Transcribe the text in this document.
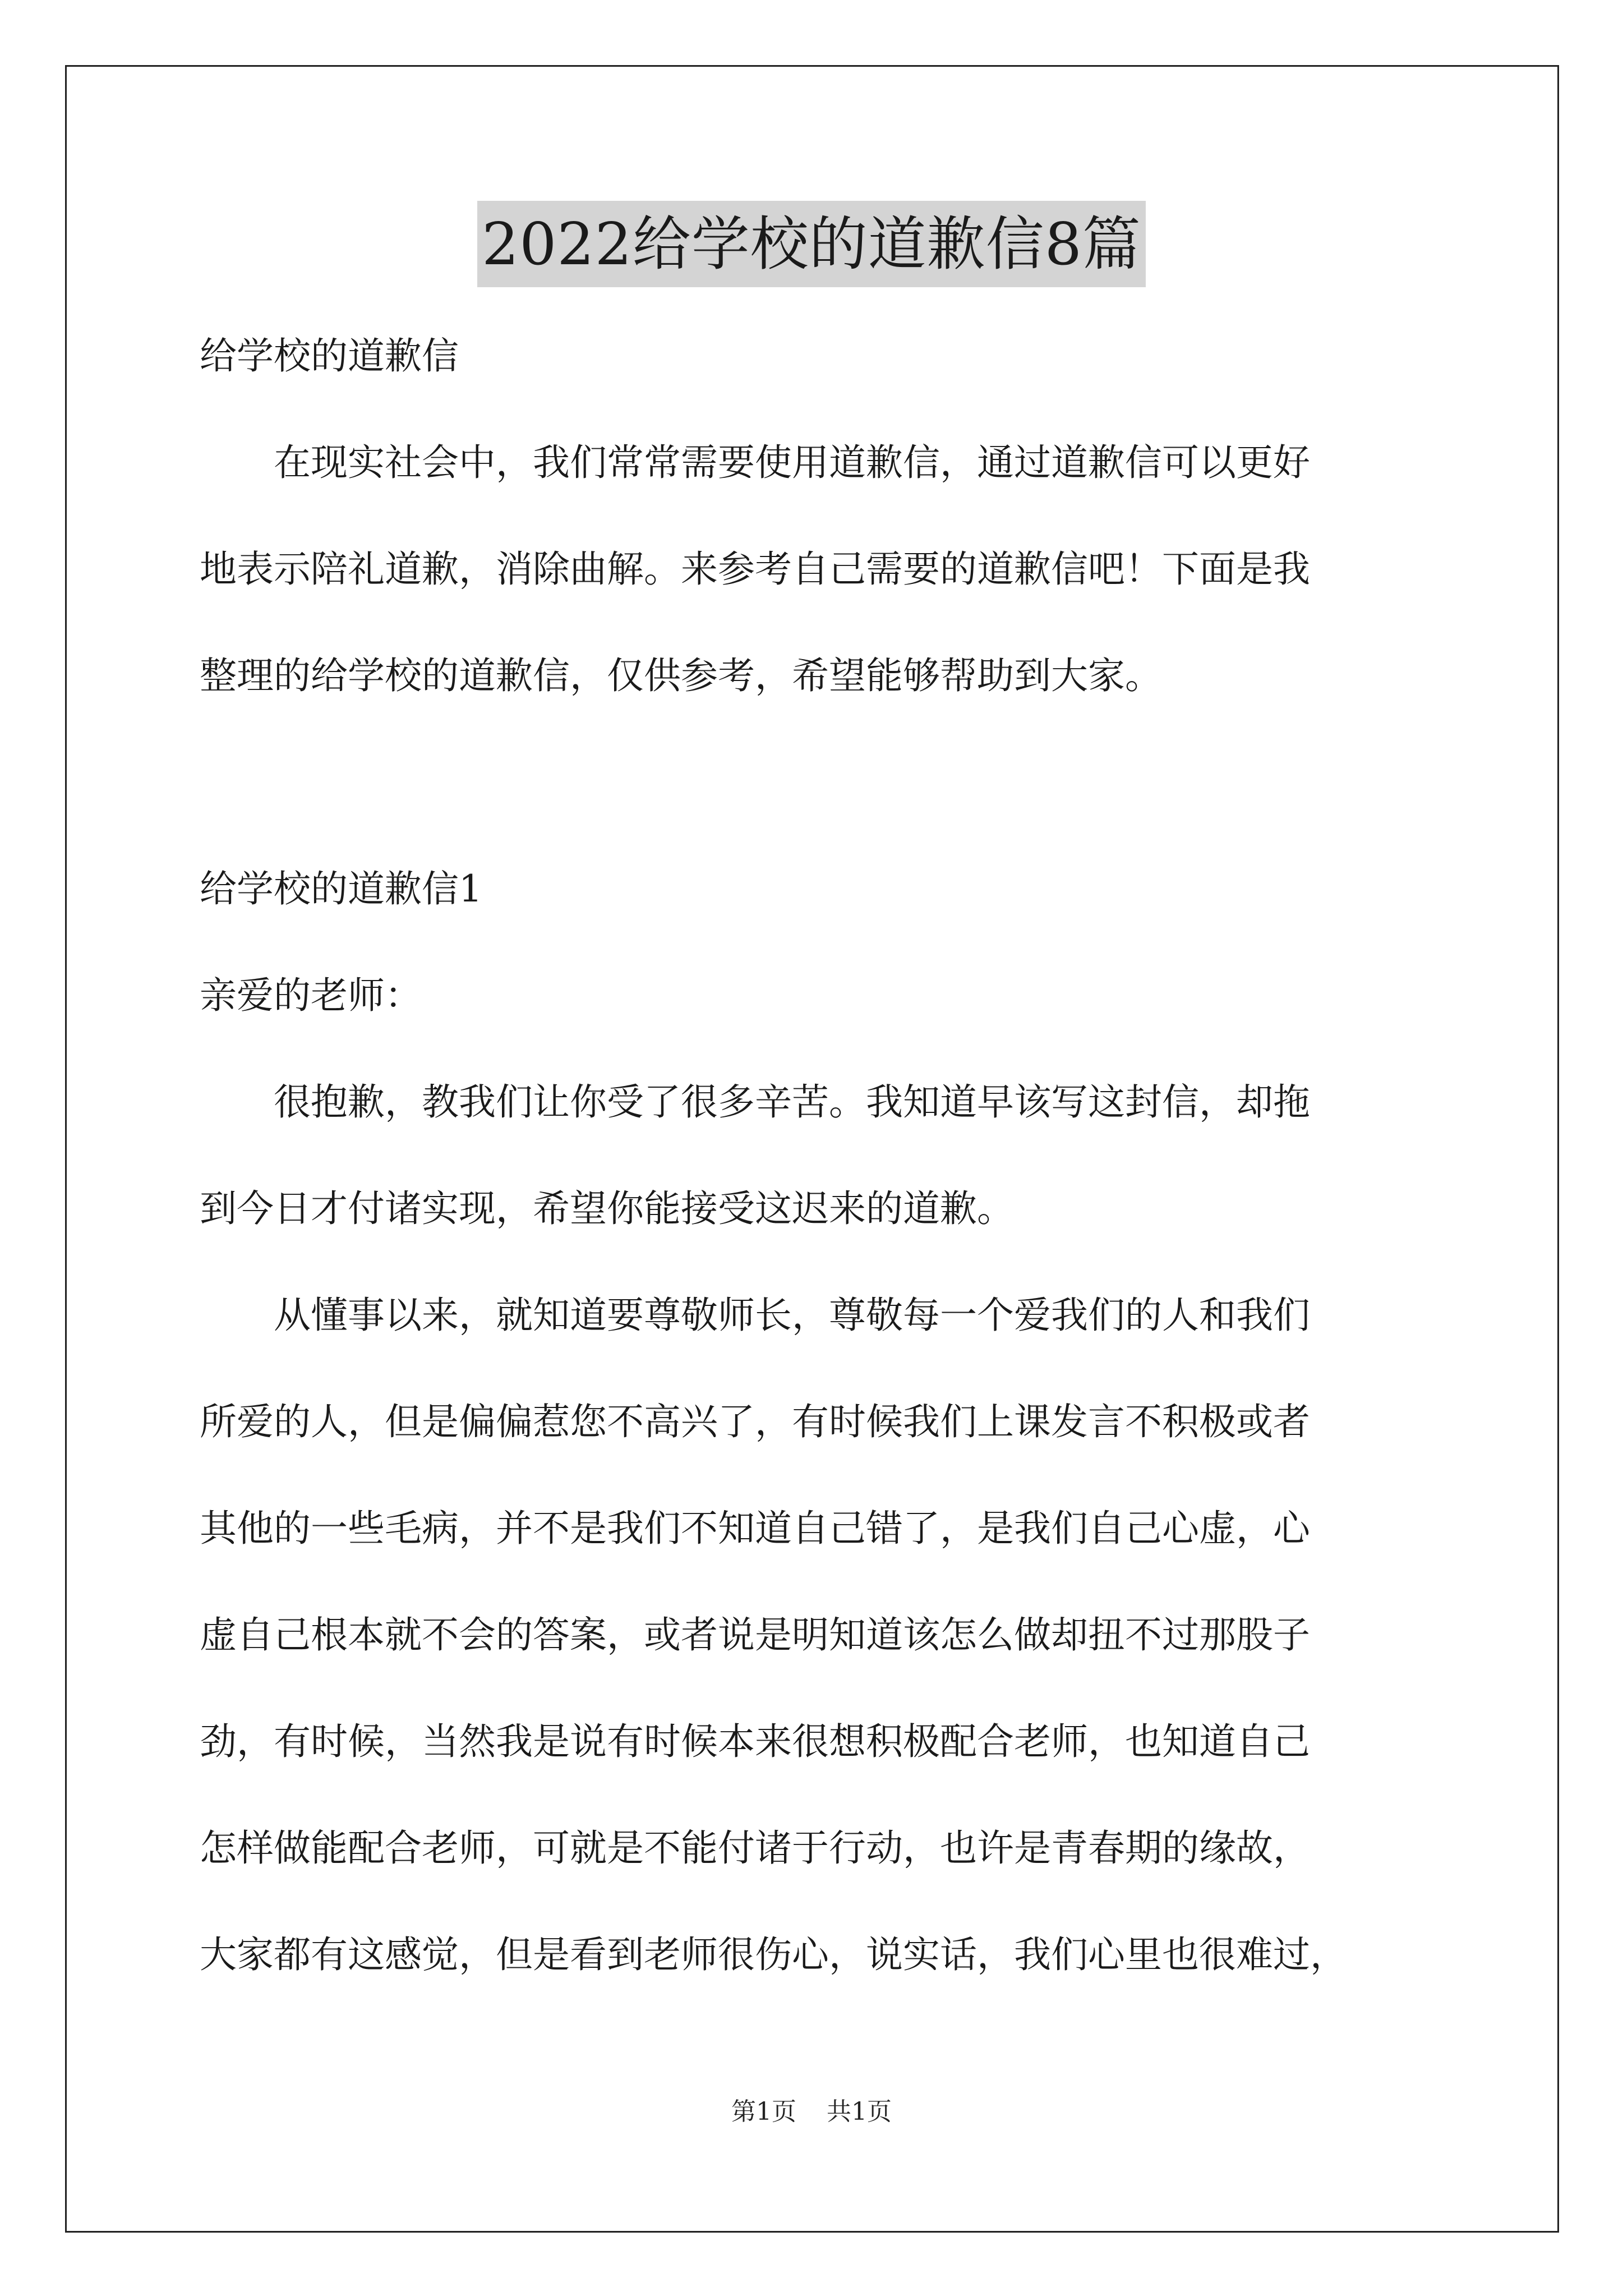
2022给学校的道歉信8篇
给学校的道歉信
　　在现实社会中，我们常常需要使用道歉信，通过道歉信可以更好
地表示陪礼道歉，消除曲解。来参考自己需要的道歉信吧！下面是我
整理的给学校的道歉信，仅供参考，希望能够帮助到大家。
给学校的道歉信1
亲爱的老师：
　　很抱歉，教我们让你受了很多辛苦。我知道早该写这封信，却拖
到今日才付诸实现，希望你能接受这迟来的道歉。
　　从懂事以来，就知道要尊敬师长，尊敬每一个爱我们的人和我们
所爱的人，但是偏偏惹您不高兴了，有时候我们上课发言不积极或者
其他的一些毛病，并不是我们不知道自己错了，是我们自己心虚，心
虚自己根本就不会的答案，或者说是明知道该怎么做却扭不过那股子
劲，有时候，当然我是说有时候本来很想积极配合老师，也知道自己
怎样做能配合老师，可就是不能付诸于行动，也许是青春期的缘故，
大家都有这感觉，但是看到老师很伤心，说实话，我们心里也很难过，
第1页 共1页
